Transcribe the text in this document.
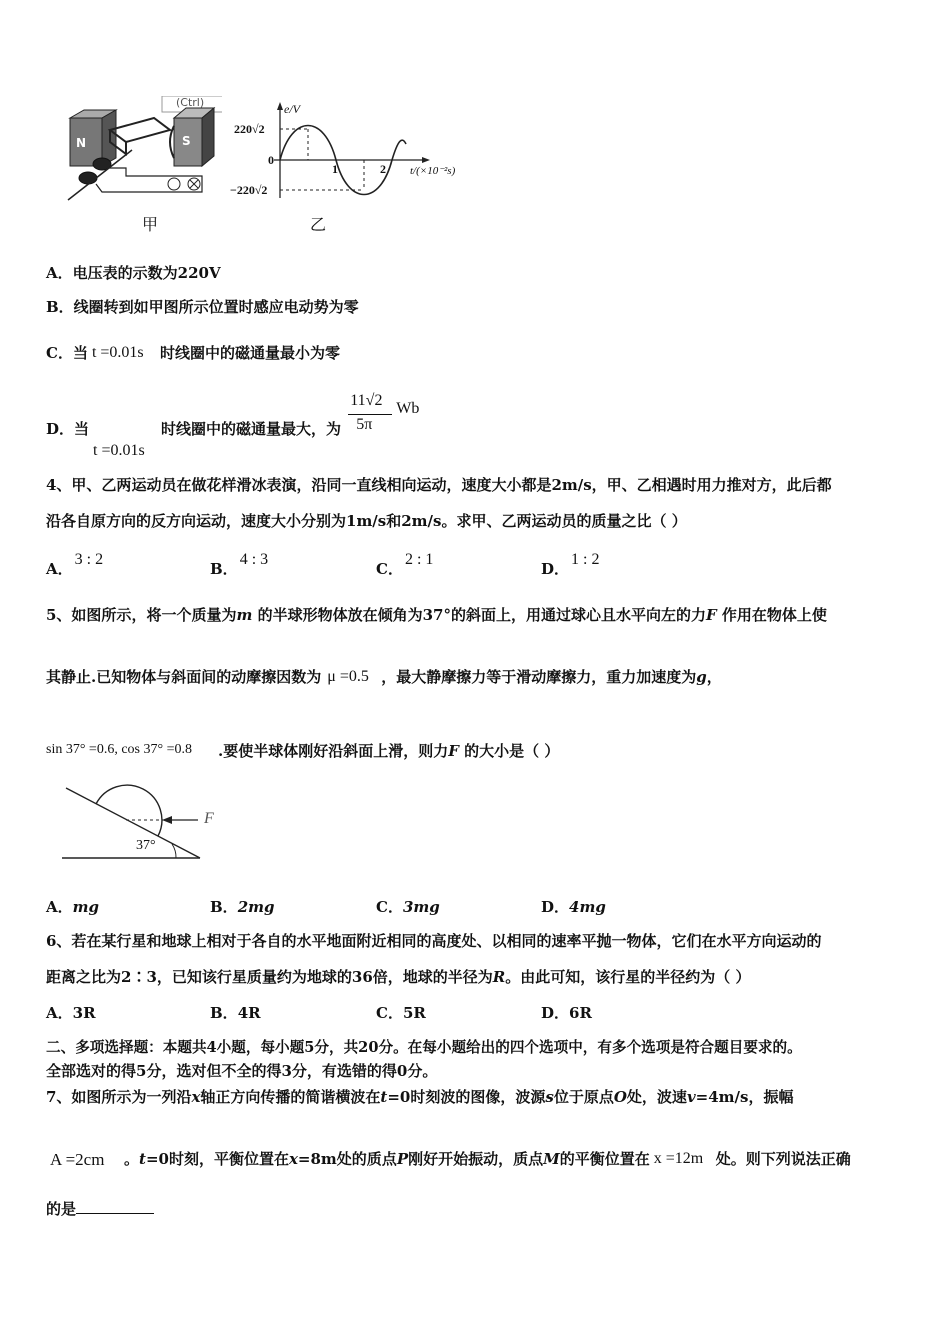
(Ctrl)
N	S
甲
e/V
220√2
0
−220√2
1	2 t/(×10⁻²s)
乙
A．电压表的示数为220V
B．线圈转到如甲图所示位置时感应电动势为零
C．当 t =0.01s 时线圈中的磁通量最小为零
D．当
t =0.01s
时线圈中的磁通量最大，为
11√2
5π
Wb
4、甲、乙两运动员在做花样滑冰表演，沿同一直线相向运动，速度大小都是2m/s，甲、乙相遇时用力推对方，此后都
沿各自原方向的反方向运动，速度大小分别为1m/s和2m/s。求甲、乙两运动员的质量之比（ ）
A．3 : 2
B．4 : 3
C．2 : 1
D．1 : 2
5、如图所示，将一个质量为m 的半球形物体放在倾角为37°的斜面上，用通过球心且水平向左的力F 作用在物体上使
其静止.已知物体与斜面间的动摩擦因数为 μ =0.5 ，最大静摩擦力等于滑动摩擦力，重力加速度为g，
sin 37° =0.6, cos 37° =0.8 .要使半球体刚好沿斜面上滑，则力F 的大小是（ ）
F
37°
A．mg	B．2mg	C．3mg	D．4mg
6、若在某行星和地球上相对于各自的水平地面附近相同的高度处、以相同的速率平抛一物体，它们在水平方向运动的
距离之比为2∶3，已知该行星质量约为地球的36倍，地球的半径为R。由此可知，该行星的半径约为（ ）
A．3R	B．4R	C．5R	D．6R
二、多项选择题：本题共4小题，每小题5分，共20分。在每小题给出的四个选项中，有多个选项是符合题目要求的。
全部选对的得5分，选对但不全的得3分，有选错的得0分。
7、如图所示为一列沿x轴正方向传播的简谐横波在t=0时刻波的图像，波源s位于原点O处，波速v=4m/s，振幅
A =2cm 。t=0时刻，平衡位置在x=8m处的质点P刚好开始振动，质点M的平衡位置在 x =12m 处。则下列说法正确
的是
